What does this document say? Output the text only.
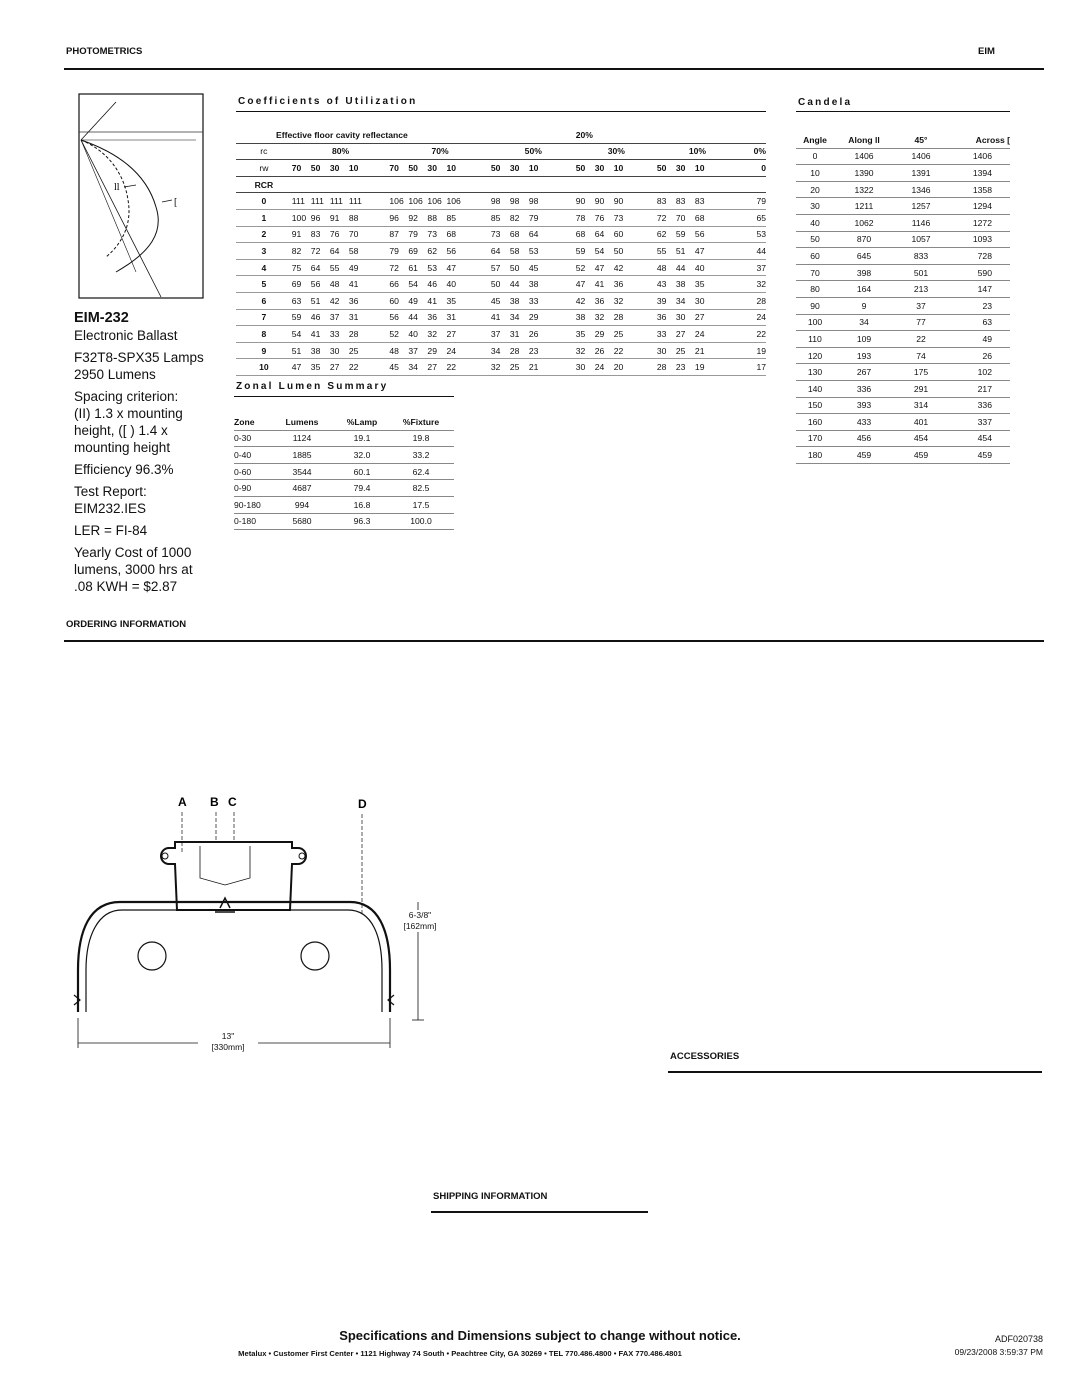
PHOTOMETRICS	EIM
ll
[
EIM-232
Electronic Ballast
F32T8-SPX35 Lamps
2950 Lumens
Spacing criterion:
(II) 1.3 x mounting
height, ([ ) 1.4 x
mounting height
Efficiency 96.3%
Test Report:
EIM232.IES
LER = FI-84
Yearly Cost of 1000
lumens, 3000 hrs at
.08 KWH = $2.87
Coefficients of Utilization
Effective floor cavity reflectance												20%						
rc	80%				70%				50%			30%			10%			0%
rw	70	50	30	10	70	50	30	10	50	30	10	50	30	10	50	30	10	0
RCR																		
0	111	111	111	111	106	106	106	106	98	98	98	90	90	90	83	83	83	79
1	100	96	91	88	96	92	88	85	85	82	79	78	76	73	72	70	68	65
2	91	83	76	70	87	79	73	68	73	68	64	68	64	60	62	59	56	53
3	82	72	64	58	79	69	62	56	64	58	53	59	54	50	55	51	47	44
4	75	64	55	49	72	61	53	47	57	50	45	52	47	42	48	44	40	37
5	69	56	48	41	66	54	46	40	50	44	38	47	41	36	43	38	35	32
6	63	51	42	36	60	49	41	35	45	38	33	42	36	32	39	34	30	28
7	59	46	37	31	56	44	36	31	41	34	29	38	32	28	36	30	27	24
8	54	41	33	28	52	40	32	27	37	31	26	35	29	25	33	27	24	22
9	51	38	30	25	48	37	29	24	34	28	23	32	26	22	30	25	21	19
10	47	35	27	22	45	34	27	22	32	25	21	30	24	20	28	23	19	17
Zonal Lumen Summary
Zone	Lumens	%Lamp	%Fixture
0-30	1124	19.1	19.8
0-40	1885	32.0	33.2
0-60	3544	60.1	62.4
0-90	4687	79.4	82.5
90-180	994	16.8	17.5
0-180	5680	96.3	100.0
Candela
Angle	Along ll	45°	Across [
0	1406	1406	1406
10	1390	1391	1394
20	1322	1346	1358
30	1211	1257	1294
40	1062	1146	1272
50	870	1057	1093
60	645	833	728
70	398	501	590
80	164	213	147
90	9	37	23
100	34	77	63
110	109	22	49
120	193	74	26
130	267	175	102
140	336	291	217
150	393	314	336
160	433	401	337
170	456	454	454
180	459	459	459
ORDERING INFORMATION
A B C	D
6-3/8"
[162mm]
13"
[330mm]
ACCESSORIES
SHIPPING INFORMATION
Specifications and Dimensions subject to change without notice.
Metalux • Customer First Center • 1121 Highway 74 South • Peachtree City, GA 30269 • TEL 770.486.4800 • FAX 770.486.4801
ADF020738
09/23/2008 3:59:37 PM
